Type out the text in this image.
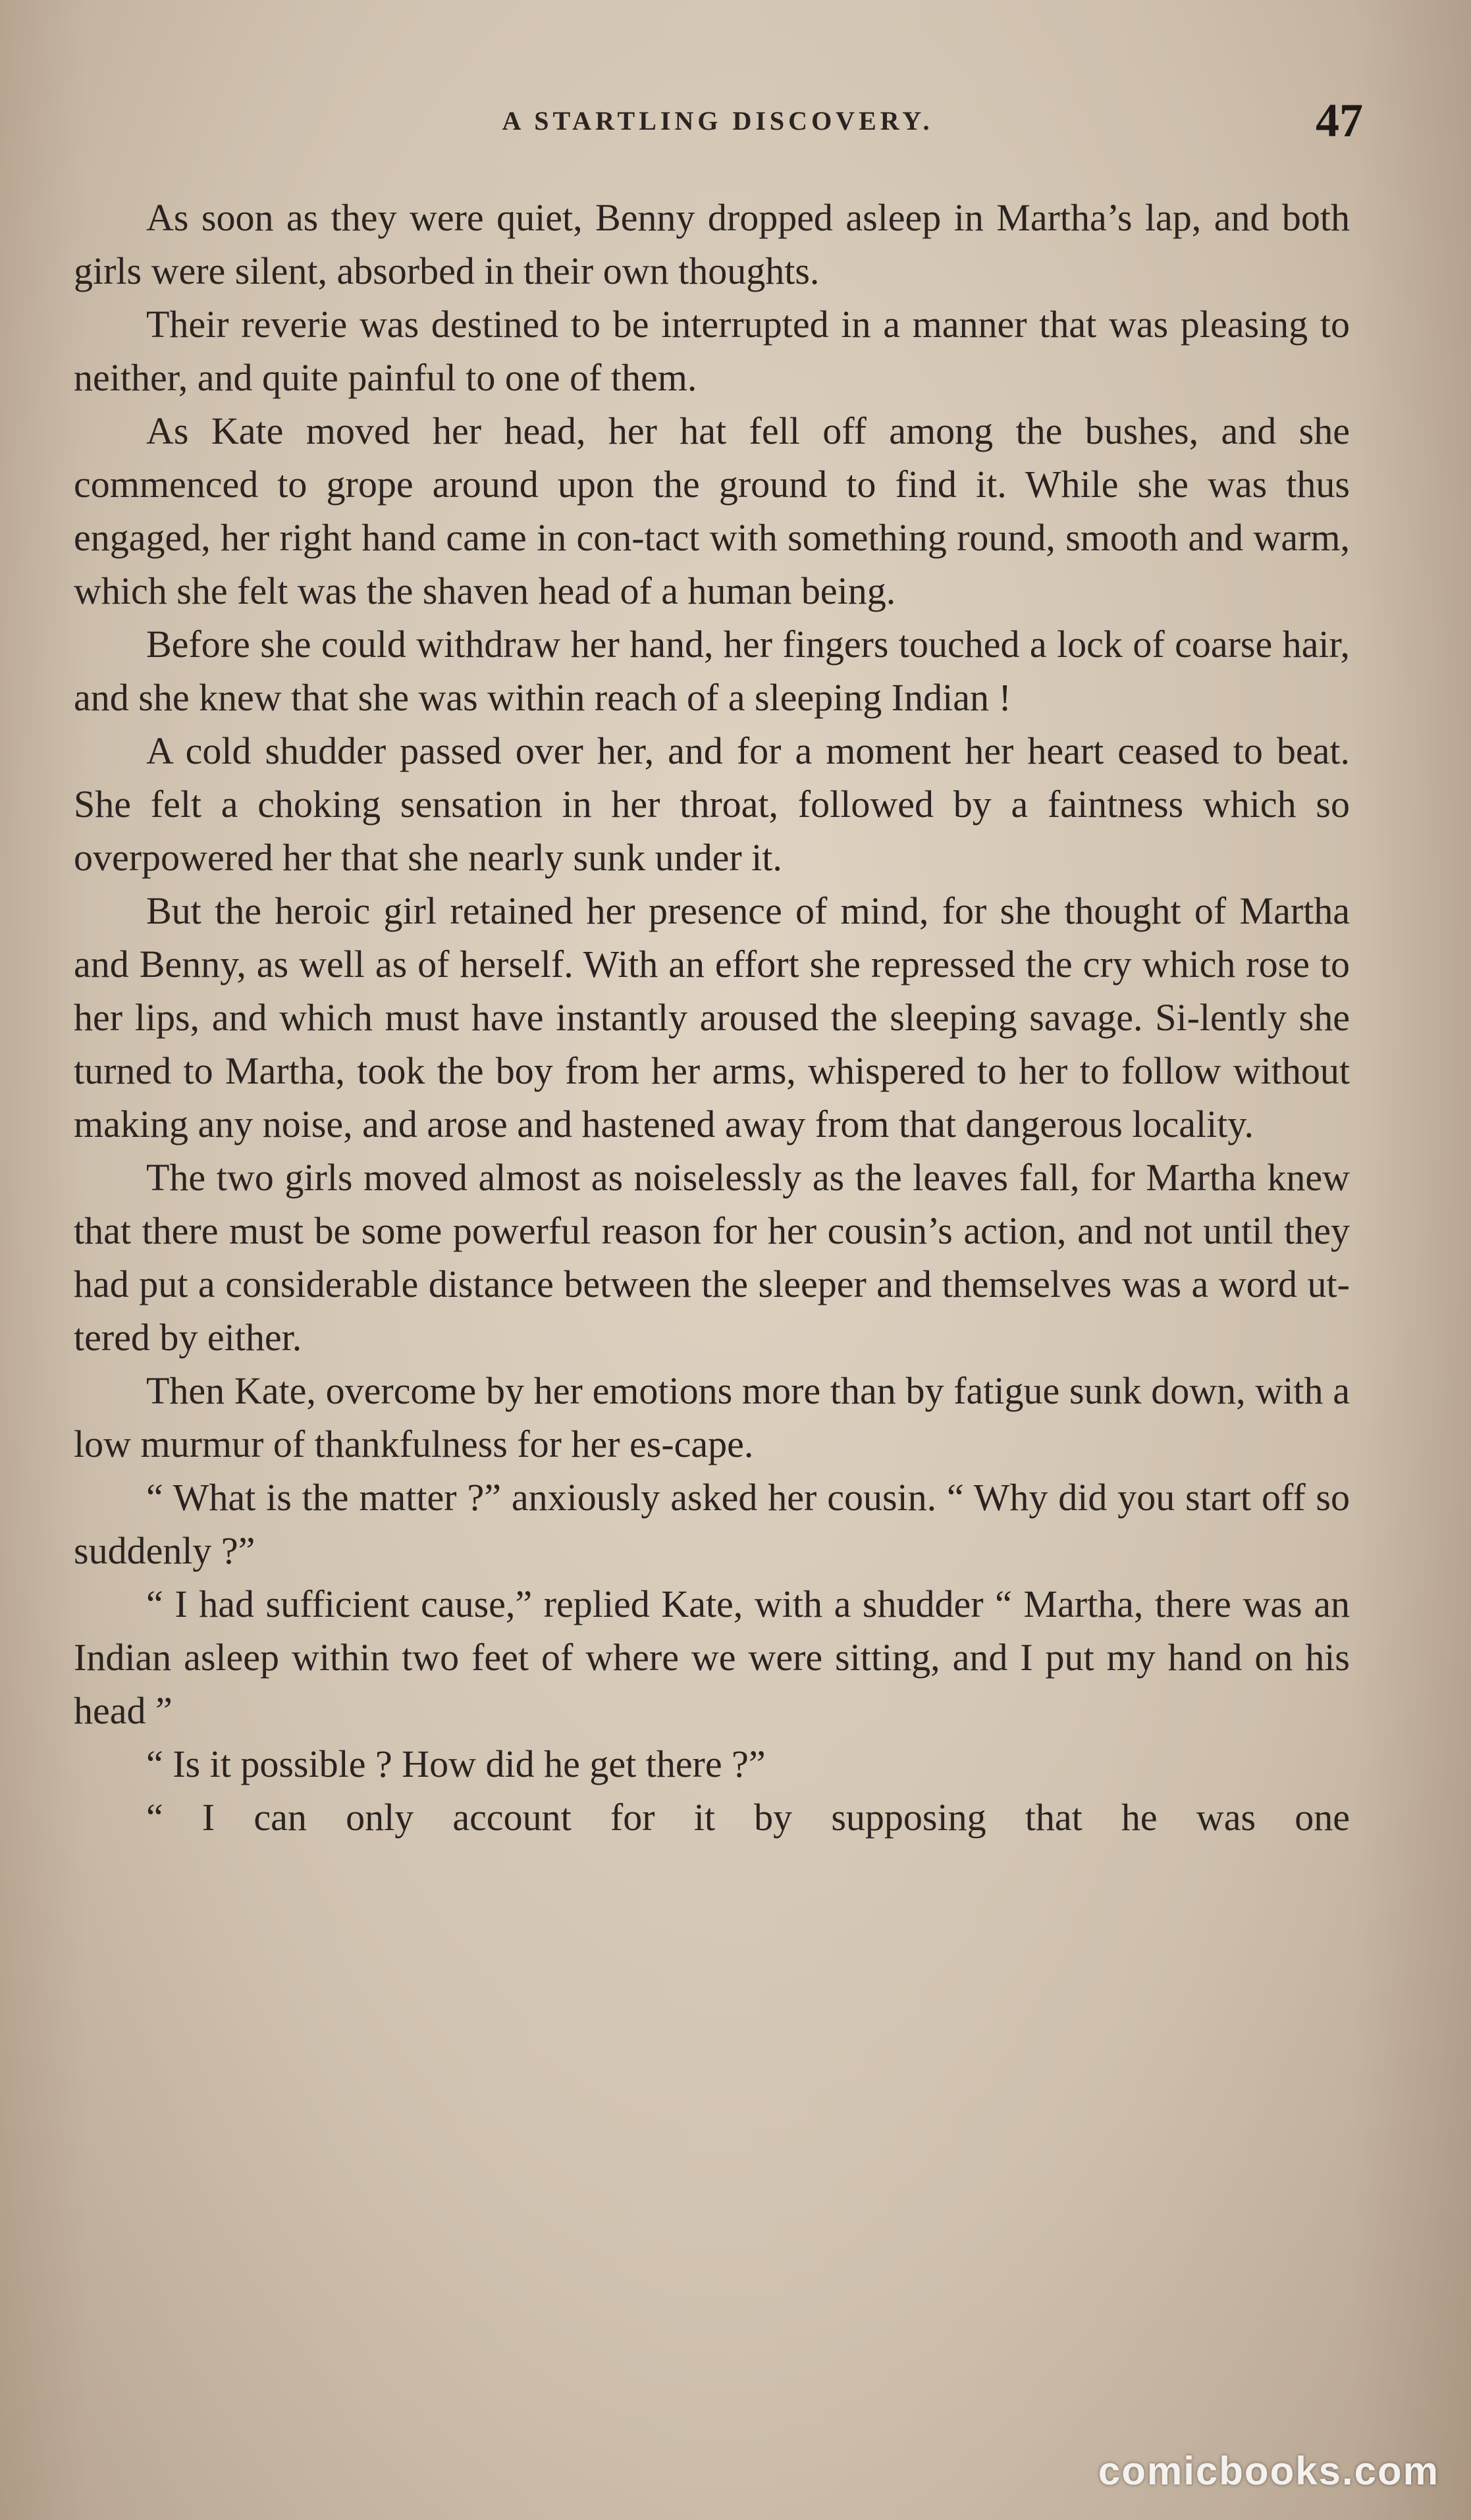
A STARTLING DISCOVERY.	47

As soon as they were quiet, Benny dropped asleep in Martha’s lap, and both girls were silent, absorbed in their own thoughts.

Their reverie was destined to be interrupted in a manner that was pleasing to neither, and quite painful to one of them.

As Kate moved her head, her hat fell off among the bushes, and she commenced to grope around upon the ground to find it. While she was thus engaged, her right hand came in con-tact with something round, smooth and warm, which she felt was the shaven head of a human being.

Before she could withdraw her hand, her fingers touched a lock of coarse hair, and she knew that she was within reach of a sleeping Indian !

A cold shudder passed over her, and for a moment her heart ceased to beat. She felt a choking sensation in her throat, followed by a faintness which so overpowered her that she nearly sunk under it.

But the heroic girl retained her presence of mind, for she thought of Martha and Benny, as well as of herself. With an effort she repressed the cry which rose to her lips, and which must have instantly aroused the sleeping savage. Si-lently she turned to Martha, took the boy from her arms, whispered to her to follow without making any noise, and arose and hastened away from that dangerous locality.

The two girls moved almost as noiselessly as the leaves fall, for Martha knew that there must be some powerful reason for her cousin’s action, and not until they had put a considerable distance between the sleeper and themselves was a word ut-tered by either.

Then Kate, overcome by her emotions more than by fatigue sunk down, with a low murmur of thankfulness for her es-cape.

“ What is the matter ?” anxiously asked her cousin. “ Why did you start off so suddenly ?”

“ I had sufficient cause,” replied Kate, with a shudder “ Martha, there was an Indian asleep within two feet of where we were sitting, and I put my hand on his head ”

“ Is it possible ? How did he get there ?”

“ I can only account for it by supposing that he was one

comicbooks.com
